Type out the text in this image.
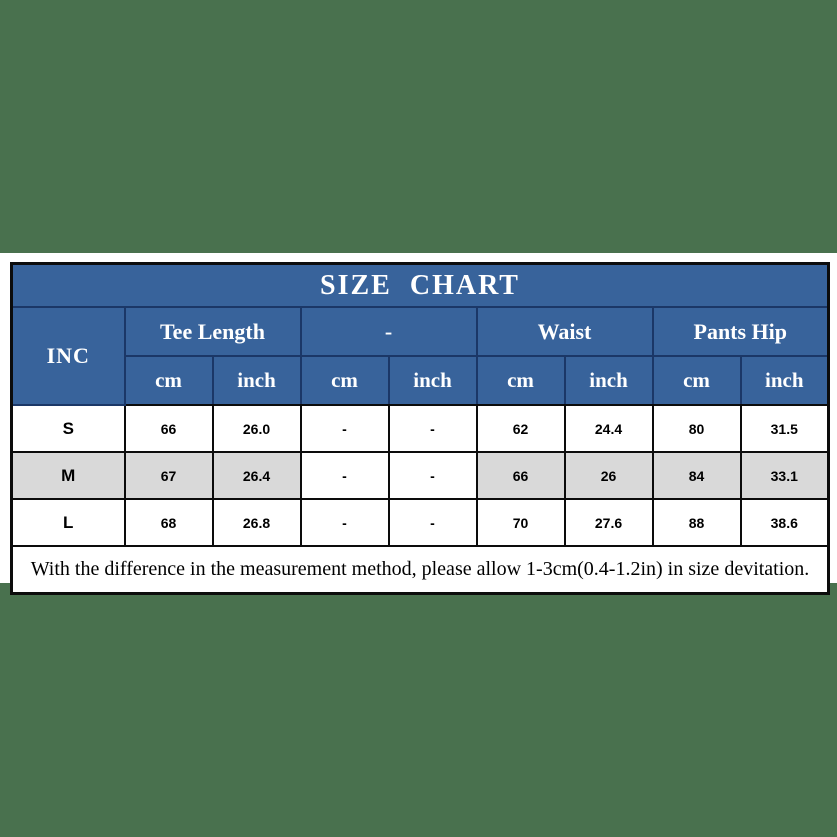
SIZE CHART								
INC	Tee Length		-		Waist		Pants Hip	
	cm	inch	cm	inch	cm	inch	cm	inch
S	66	26.0	-	-	62	24.4	80	31.5
M	67	26.4	-	-	66	26	84	33.1
L	68	26.8	-	-	70	27.6	88	38.6
With the difference in the measurement method, please allow 1-3cm(0.4-1.2in) in size devitation.								
